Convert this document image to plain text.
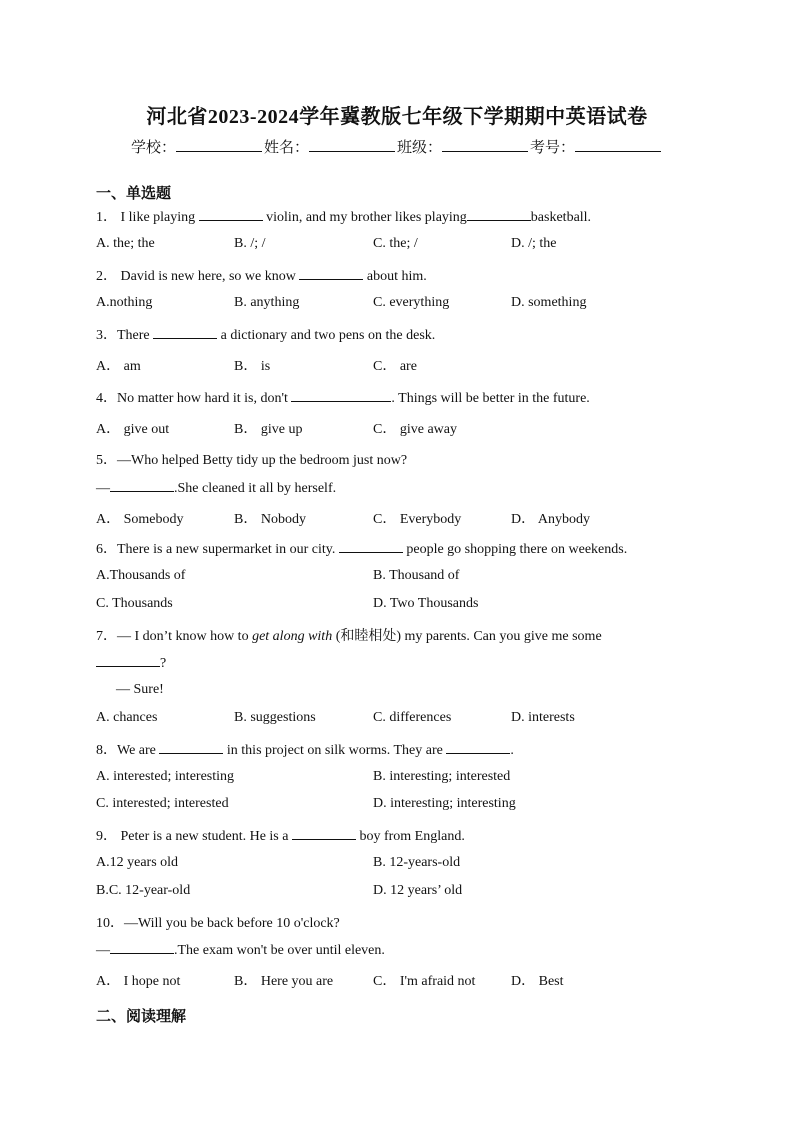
河北省2023-2024学年冀教版七年级下学期期中英语试卷
学校：	姓名：	班级：	考号：
一、单选题
1． I like playing	violin, and my brother likes playing	basketball.
A. the; the	B. /; /	C. the; /	D. /; the
2． David is new here, so we know	about him.
A.nothing	B. anything	C. everything	D. something
3．There	a dictionary and two pens on the desk.
A． am	B． is	C． are
4．No matter how hard it is, don't	. Things will be better in the future.
A． give out	B． give up	C． give away
5．—Who helped Betty tidy up the bedroom just now?
—	.She cleaned it all by herself.
A． Somebody	B． Nobody	C． Everybody	D． Anybody
6．There is a new supermarket in our city.	people go shopping there on weekends.
A.Thousands of	B. Thousand of
C. Thousands	D. Two Thousands
7．— I don’t know how to get along with (和睦相处) my parents. Can you give me some
?
— Sure!
A. chances	B. suggestions	C. differences	D. interests
8．We are	in this project on silk worms. They are	.
A. interested; interesting	B. interesting; interested
C. interested; interested	D. interesting; interesting
9． Peter is a new student. He is a	boy from England.
A.12 years old	B. 12-years-old
B.C. 12-year-old	D. 12 years’ old
10．—Will you be back before 10 o'clock?
—	.The exam won't be over until eleven.
A． I hope not	B． Here you are	C． I'm afraid not	D． Best
二、阅读理解
